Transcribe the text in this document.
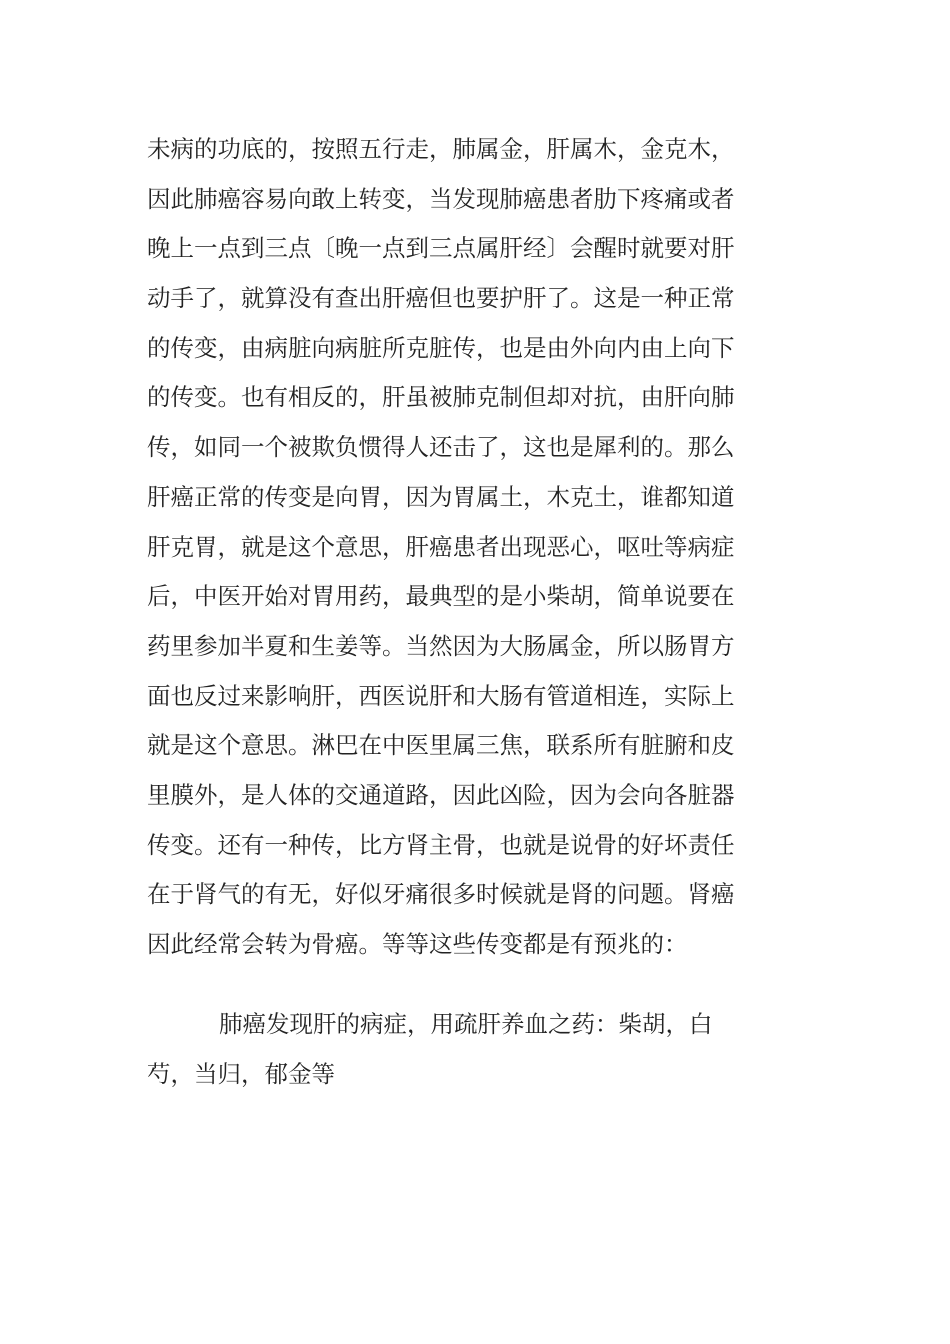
未病的功底的，按照五行走，肺属金，肝属木，金克木，
因此肺癌容易向敢上转变，当发现肺癌患者肋下疼痛或者
晚上一点到三点〔晚一点到三点属肝经〕会醒时就要对肝
动手了，就算没有查出肝癌但也要护肝了。这是一种正常
的传变，由病脏向病脏所克脏传，也是由外向内由上向下
的传变。也有相反的，肝虽被肺克制但却对抗，由肝向肺
传，如同一个被欺负惯得人还击了，这也是犀利的。那么
肝癌正常的传变是向胃，因为胃属土，木克土，谁都知道
肝克胃，就是这个意思，肝癌患者出现恶心，呕吐等病症
后，中医开始对胃用药，最典型的是小柴胡，简单说要在
药里参加半夏和生姜等。当然因为大肠属金，所以肠胃方
面也反过来影响肝，西医说肝和大肠有管道相连，实际上
就是这个意思。淋巴在中医里属三焦，联系所有脏腑和皮
里膜外，是人体的交通道路，因此凶险，因为会向各脏器
传变。还有一种传，比方肾主骨，也就是说骨的好坏责任
在于肾气的有无，好似牙痛很多时候就是肾的问题。肾癌
因此经常会转为骨癌。等等这些传变都是有预兆的：
肺癌发现肝的病症，用疏肝养血之药：柴胡，白
芍，当归，郁金等
